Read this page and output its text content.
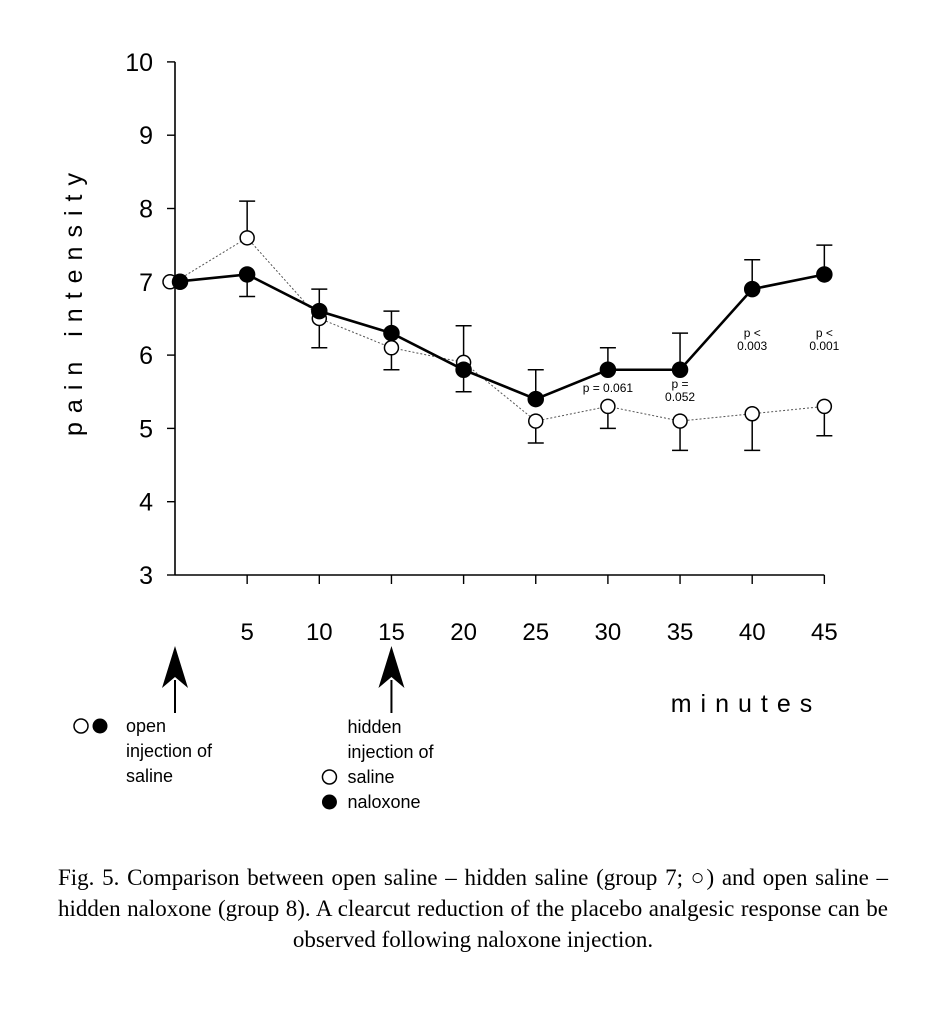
3
4
5
6
7
8
9
10
5 10 15 20 25 30 35 40 45
p = 0.061	p =
0.052
p <
0.003
p <
0.001
open
injection of
saline
hidden
injection of
saline
naloxone
pain intensity
minutes
Fig. 5. Comparison between open saline – hidden saline (group 7; ○) and open saline – hidden naloxone (group 8). A clearcut reduction of the placebo analgesic response can be observed following naloxone injection.
